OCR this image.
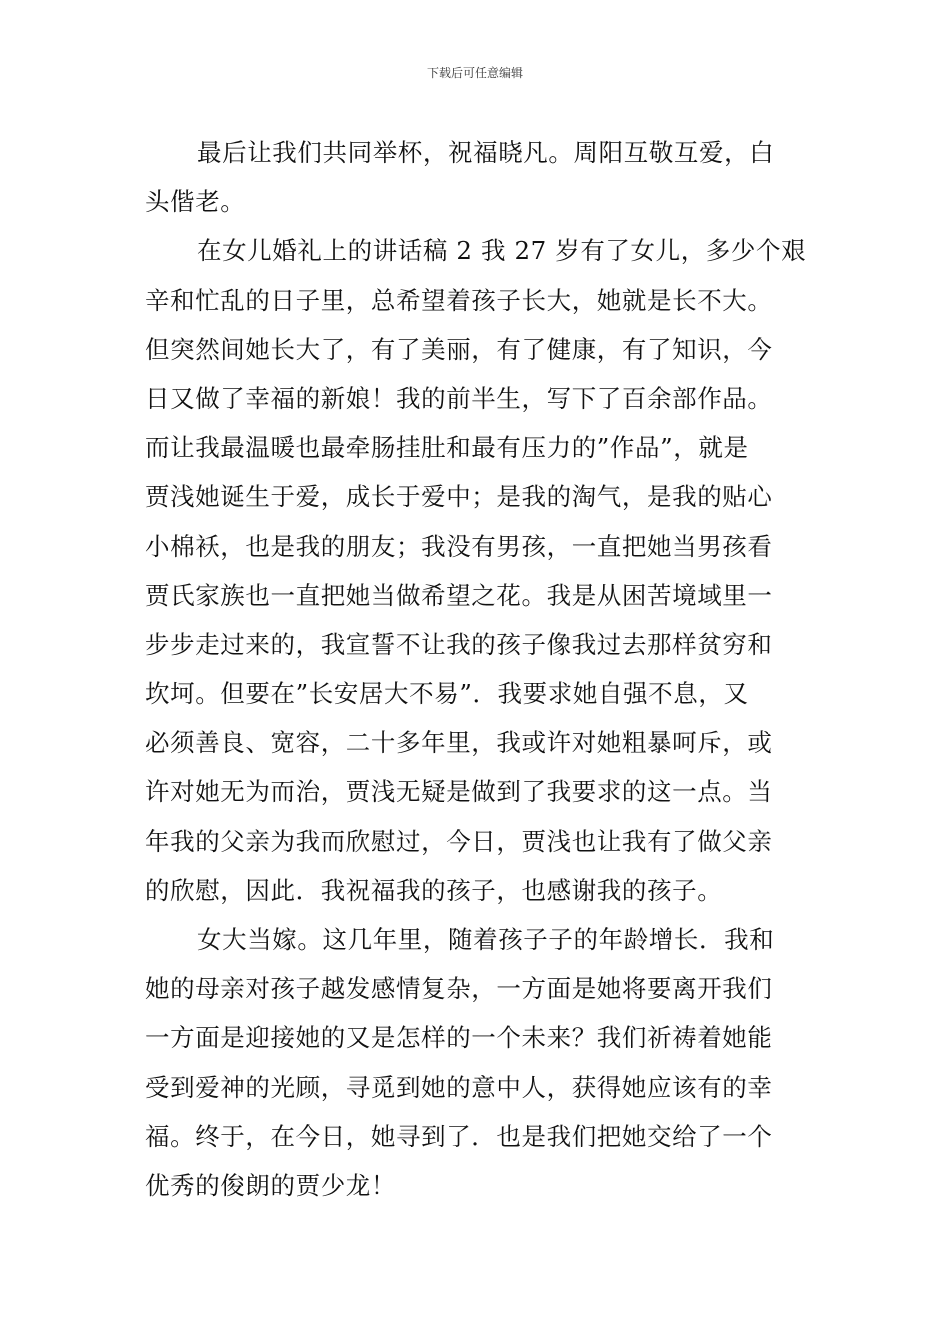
下载后可任意编辑
最后让我们共同举杯，祝福晓凡。周阳互敬互爱，白
头偕老。
在女儿婚礼上的讲话稿 2 我 27 岁有了女儿，多少个艰
辛和忙乱的日子里，总希望着孩子长大，她就是长不大。
但突然间她长大了，有了美丽，有了健康，有了知识，今
日又做了幸福的新娘！我的前半生，写下了百余部作品。
而让我最温暖也最牵肠挂肚和最有压力的”作品”，就是
贾浅她诞生于爱，成长于爱中；是我的淘气，是我的贴心
小棉袄，也是我的朋友；我没有男孩，一直把她当男孩看
贾氏家族也一直把她当做希望之花。我是从困苦境域里一
步步走过来的，我宣誓不让我的孩子像我过去那样贫穷和
坎坷。但要在”长安居大不易”．我要求她自强不息，又
必须善良、宽容，二十多年里，我或许对她粗暴呵斥，或
许对她无为而治，贾浅无疑是做到了我要求的这一点。当
年我的父亲为我而欣慰过，今日，贾浅也让我有了做父亲
的欣慰，因此．我祝福我的孩子，也感谢我的孩子。
女大当嫁。这几年里，随着孩子子的年龄增长．我和
她的母亲对孩子越发感情复杂，一方面是她将要离开我们
一方面是迎接她的又是怎样的一个未来？我们祈祷着她能
受到爱神的光顾，寻觅到她的意中人，获得她应该有的幸
福。终于，在今日，她寻到了．也是我们把她交给了一个
优秀的俊朗的贾少龙！
